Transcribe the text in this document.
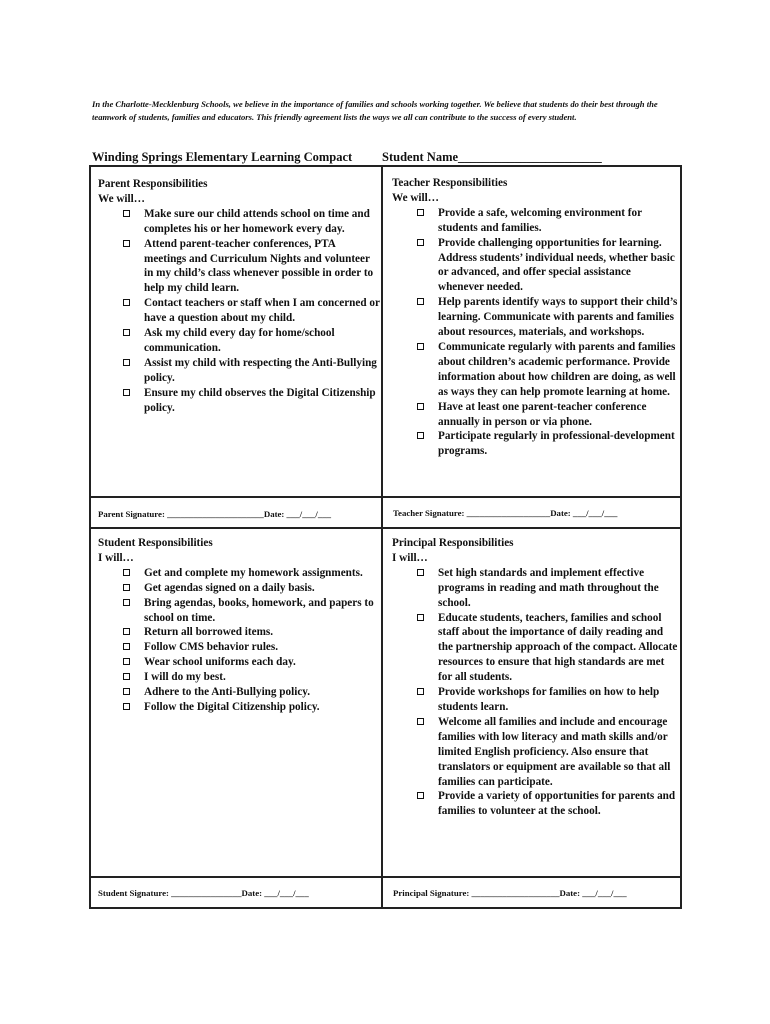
In the Charlotte-Mecklenburg Schools, we believe in the importance of families and schools working together. We believe that students do their best through the teamwork of students, families and educators. This friendly agreement lists the ways we all can contribute to the success of every student.
Winding Springs Elementary Learning Compact Student Name_______________________
Parent Responsibilities
We will…
Make sure our child attends school on time and completes his or her homework every day.
Attend parent-teacher conferences, PTA meetings and Curriculum Nights and volunteer in my child’s class whenever possible in order to help my child learn.
Contact teachers or staff when I am concerned or have a question about my child.
Ask my child every day for home/school communication.
Assist my child with respecting the Anti-Bullying policy.
Ensure my child observes the Digital Citizenship policy.
Teacher Responsibilities
We will…
Provide a safe, welcoming environment for students and families.
Provide challenging opportunities for learning. Address students’ individual needs, whether basic or advanced, and offer special assistance whenever needed.
Help parents identify ways to support their child’s learning. Communicate with parents and families about resources, materials, and workshops.
Communicate regularly with parents and families about children’s academic performance. Provide information about how children are doing, as well as ways they can help promote learning at home.
Have at least one parent-teacher conference annually in person or via phone.
Participate regularly in professional-development programs.
Parent Signature: ______________________Date: ___/___/___	Teacher Signature: ___________________Date: ___/___/___
Student Responsibilities
I will…
Get and complete my homework assignments.
Get agendas signed on a daily basis.
Bring agendas, books, homework, and papers to school on time.
Return all borrowed items.
Follow CMS behavior rules.
Wear school uniforms each day.
I will do my best.
Adhere to the Anti-Bullying policy.
Follow the Digital Citizenship policy.
Principal Responsibilities
I will…
Set high standards and implement effective programs in reading and math throughout the school.
Educate students, teachers, families and school staff about the importance of daily reading and the partnership approach of the compact. Allocate resources to ensure that high standards are met for all students.
Provide workshops for families on how to help students learn.
Welcome all families and include and encourage families with low literacy and math skills and/or limited English proficiency. Also ensure that translators or equipment are available so that all families can participate.
Provide a variety of opportunities for parents and families to volunteer at the school.
Student Signature: ________________Date: ___/___/___	Principal Signature: ____________________Date: ___/___/___
